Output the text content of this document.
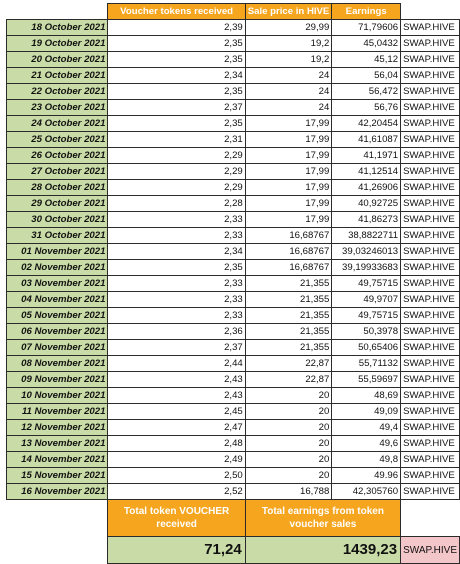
	Voucher tokens received	Sale price in HIVE	Earnings	
18 October 2021	2,39	29,99	71,79606	SWAP.HIVE
19 October 2021	2,35	19,2	45,0432	SWAP.HIVE
20 October 2021	2,35	19,2	45,12	SWAP.HIVE
21 October 2021	2,34	24	56,04	SWAP.HIVE
22 October 2021	2,35	24	56,472	SWAP.HIVE
23 October 2021	2,37	24	56,76	SWAP.HIVE
24 October 2021	2,35	17,99	42,20454	SWAP.HIVE
25 October 2021	2,31	17,99	41,61087	SWAP.HIVE
26 October 2021	2,29	17,99	41,1971	SWAP.HIVE
27 October 2021	2,29	17,99	41,12514	SWAP.HIVE
28 October 2021	2,29	17,99	41,26906	SWAP.HIVE
29 October 2021	2,28	17,99	40,92725	SWAP.HIVE
30 October 2021	2,33	17,99	41,86273	SWAP.HIVE
31 October 2021	2,33	16,68767	38,8822711	SWAP.HIVE
01 November 2021	2,34	16,68767	39,03246013	SWAP.HIVE
02 November 2021	2,35	16,68767	39,19933683	SWAP.HIVE
03 November 2021	2,33	21,355	49,75715	SWAP.HIVE
04 November 2021	2,33	21,355	49,9707	SWAP.HIVE
05 November 2021	2,33	21,355	49,75715	SWAP.HIVE
06 November 2021	2,36	21,355	50,3978	SWAP.HIVE
07 November 2021	2,37	21,355	50,65406	SWAP.HIVE
08 November 2021	2,44	22,87	55,71132	SWAP.HIVE
09 November 2021	2,43	22,87	55,59697	SWAP.HIVE
10 November 2021	2,43	20	48,69	SWAP.HIVE
11 November 2021	2,45	20	49,09	SWAP.HIVE
12 November 2021	2,47	20	49,4	SWAP.HIVE
13 November 2021	2,48	20	49,6	SWAP.HIVE
14 November 2021	2,49	20	49,8	SWAP.HIVE
15 November 2021	2,50	20	49.96	SWAP.HIVE
16 November 2021	2,52	16,788	42,305760	SWAP.HIVE
	Total token VOUCHER received	Total earnings from token voucher sales		
	71,24	1439,23		SWAP.HIVE
